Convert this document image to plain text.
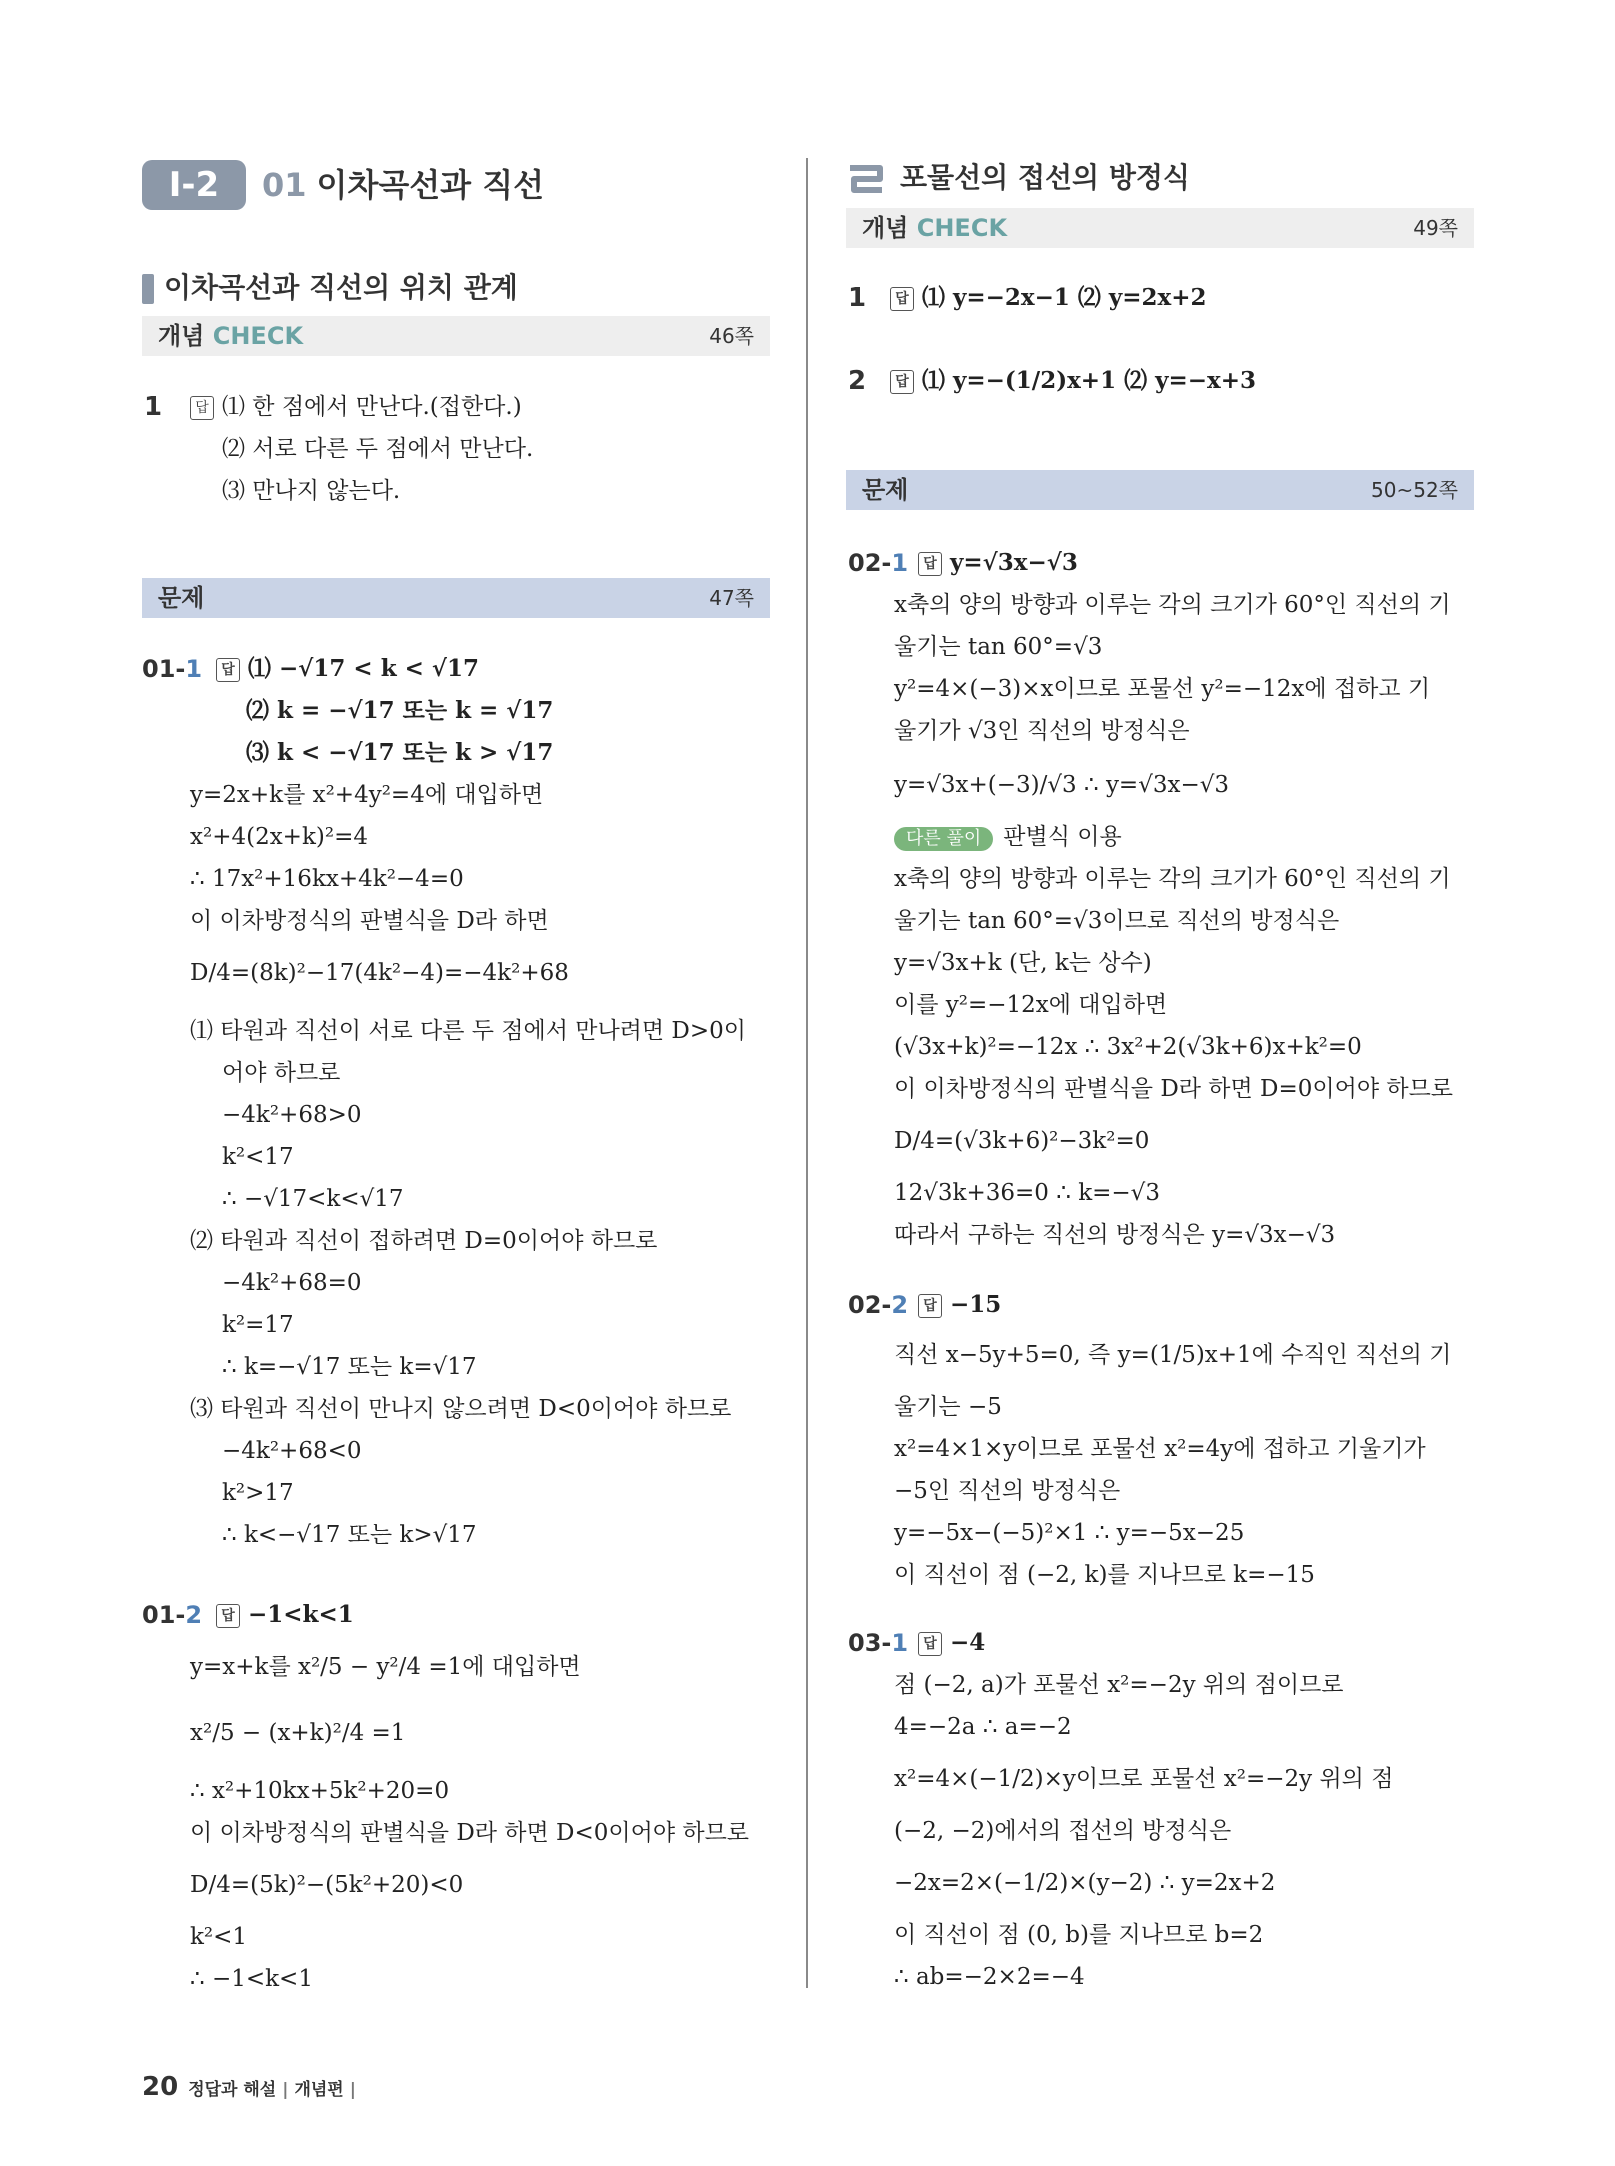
Ⅰ-2	01 이차곡선과 직선
이차곡선과 직선의 위치 관계
개념 CHECK	46쪽
1	답 ⑴ 한 점에서 만난다.(접한다.)
⑵ 서로 다른 두 점에서 만난다.
⑶ 만나지 않는다.
문제	47쪽
01-1	답 ⑴ −√17 < k < √17
⑵ k = −√17 또는 k = √17
⑶ k < −√17 또는 k > √17
y=2x+k를 x²+4y²=4에 대입하면
x²+4(2x+k)²=4
∴ 17x²+16kx+4k²−4=0
이 이차방정식의 판별식을 D라 하면
D/4=(8k)²−17(4k²−4)=−4k²+68
⑴ 타원과 직선이 서로 다른 두 점에서 만나려면 D>0이
어야 하므로
−4k²+68>0
k²<17
∴ −√17<k<√17
⑵ 타원과 직선이 접하려면 D=0이어야 하므로
−4k²+68=0
k²=17
∴ k=−√17 또는 k=√17
⑶ 타원과 직선이 만나지 않으려면 D<0이어야 하므로
−4k²+68<0
k²>17
∴ k<−√17 또는 k>√17
01-2	답 −1<k<1
y=x+k를 x²/5 − y²/4 =1에 대입하면
x²/5 − (x+k)²/4 =1
∴ x²+10kx+5k²+20=0
이 이차방정식의 판별식을 D라 하면 D<0이어야 하므로
D/4=(5k)²−(5k²+20)<0
k²<1
∴ −1<k<1
포물선의 접선의 방정식
개념 CHECK	49쪽
1	답 ⑴ y=−2x−1 ⑵ y=2x+2
2	답 ⑴ y=−(1/2)x+1 ⑵ y=−x+3
문제	50~52쪽
02-1	답 y=√3x−√3
x축의 양의 방향과 이루는 각의 크기가 60°인 직선의 기
울기는 tan 60°=√3
y²=4×(−3)×x이므로 포물선 y²=−12x에 접하고 기
울기가 √3인 직선의 방정식은
y=√3x+(−3)/√3 ∴ y=√3x−√3
다른 풀이 판별식 이용
x축의 양의 방향과 이루는 각의 크기가 60°인 직선의 기
울기는 tan 60°=√3이므로 직선의 방정식은
y=√3x+k (단, k는 상수)
이를 y²=−12x에 대입하면
(√3x+k)²=−12x ∴ 3x²+2(√3k+6)x+k²=0
이 이차방정식의 판별식을 D라 하면 D=0이어야 하므로
D/4=(√3k+6)²−3k²=0
12√3k+36=0 ∴ k=−√3
따라서 구하는 직선의 방정식은 y=√3x−√3
02-2	답 −15
직선 x−5y+5=0, 즉 y=(1/5)x+1에 수직인 직선의 기
울기는 −5
x²=4×1×y이므로 포물선 x²=4y에 접하고 기울기가
−5인 직선의 방정식은
y=−5x−(−5)²×1 ∴ y=−5x−25
이 직선이 점 (−2, k)를 지나므로 k=−15
03-1	답 −4
점 (−2, a)가 포물선 x²=−2y 위의 점이므로
4=−2a ∴ a=−2
x²=4×(−1/2)×y이므로 포물선 x²=−2y 위의 점
(−2, −2)에서의 접선의 방정식은
−2x=2×(−1/2)×(y−2) ∴ y=2x+2
이 직선이 점 (0, b)를 지나므로 b=2
∴ ab=−2×2=−4
20 정답과 해설 | 개념편 |
